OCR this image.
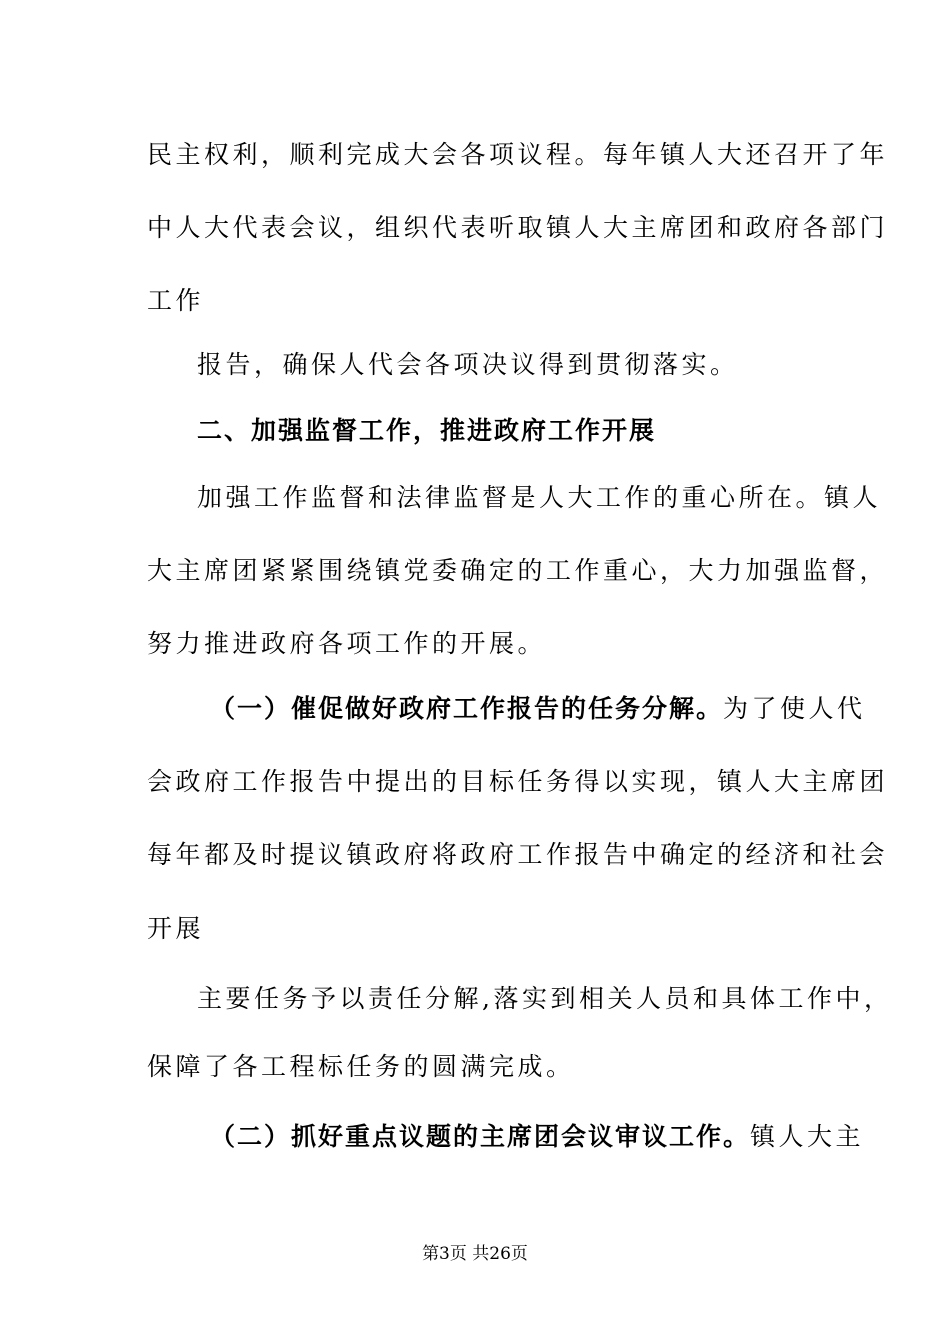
民主权利，顺利完成大会各项议程。每年镇人大还召开了年
中人大代表会议，组织代表听取镇人大主席团和政府各部门
工作
报告，确保人代会各项决议得到贯彻落实。
二、加强监督工作，推进政府工作开展
加强工作监督和法律监督是人大工作的重心所在。镇人
大主席团紧紧围绕镇党委确定的工作重心，大力加强监督，
努力推进政府各项工作的开展。
（一）催促做好政府工作报告的任务分解。为了使人代
会政府工作报告中提出的目标任务得以实现，镇人大主席团
每年都及时提议镇政府将政府工作报告中确定的经济和社会
开展
主要任务予以责任分解,落实到相关人员和具体工作中，
保障了各工程标任务的圆满完成。
（二）抓好重点议题的主席团会议审议工作。镇人大主
第3页 共26页
